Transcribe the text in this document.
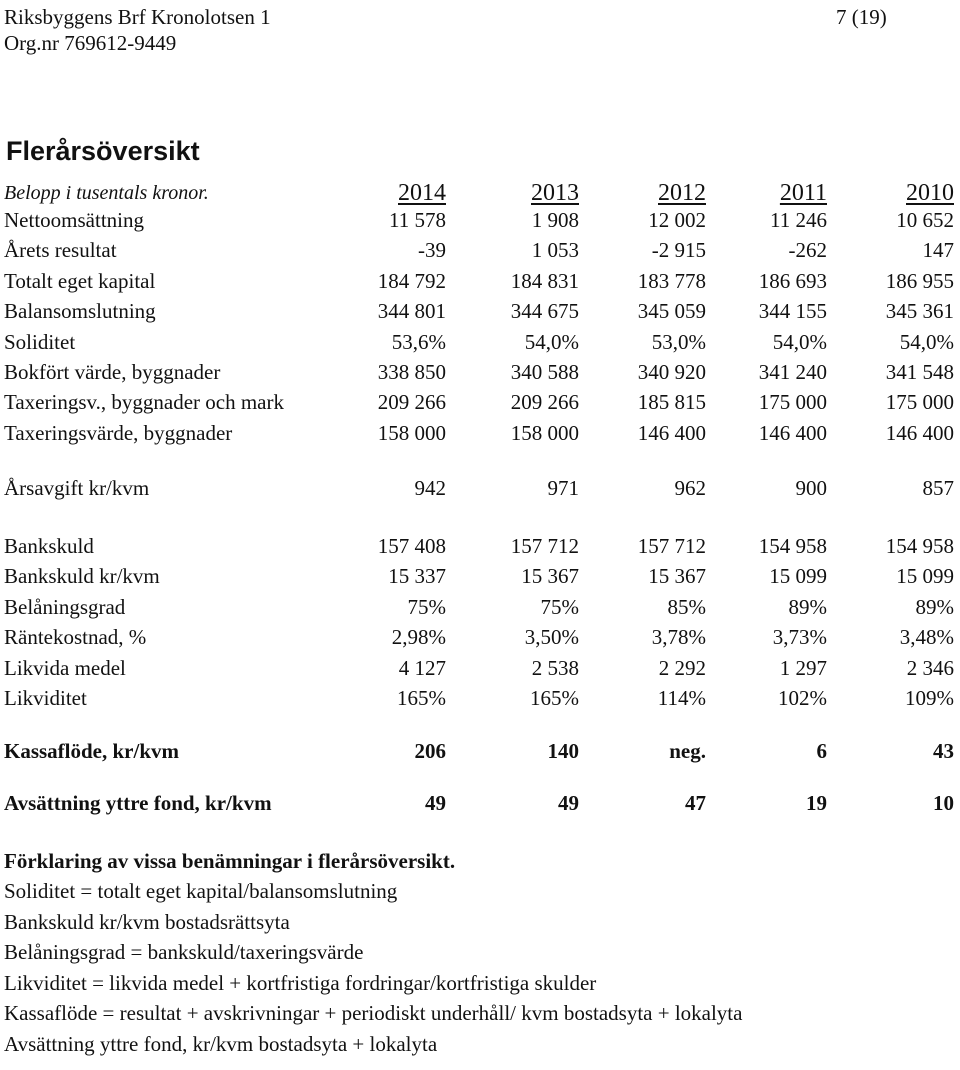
Riksbyggens Brf Kronolotsen 1
Org.nr 769612-9449
7 (19)
Flerårsöversikt
Belopp i tusentals kronor.	2014	2013	2012	2011	2010
Nettoomsättning	11 578	1 908	12 002	11 246	10 652
Årets resultat	-39	1 053	-2 915	-262	147
Totalt eget kapital	184 792	184 831	183 778	186 693	186 955
Balansomslutning	344 801	344 675	345 059	344 155	345 361
Soliditet	53,6%	54,0%	53,0%	54,0%	54,0%
Bokfört värde, byggnader	338 850	340 588	340 920	341 240	341 548
Taxeringsv., byggnader och mark	209 266	209 266	185 815	175 000	175 000
Taxeringsvärde, byggnader	158 000	158 000	146 400	146 400	146 400
Årsavgift kr/kvm	942	971	962	900	857
Bankskuld	157 408	157 712	157 712	154 958	154 958
Bankskuld kr/kvm	15 337	15 367	15 367	15 099	15 099
Belåningsgrad	75%	75%	85%	89%	89%
Räntekostnad, %	2,98%	3,50%	3,78%	3,73%	3,48%
Likvida medel	4 127	2 538	2 292	1 297	2 346
Likviditet	165%	165%	114%	102%	109%
Kassaflöde, kr/kvm	206	140	neg.	6	43
Avsättning yttre fond, kr/kvm	49	49	47	19	10
Förklaring av vissa benämningar i flerårsöversikt.
Soliditet = totalt eget kapital/balansomslutning
Bankskuld kr/kvm bostadsrättsyta
Belåningsgrad = bankskuld/taxeringsvärde
Likviditet = likvida medel + kortfristiga fordringar/kortfristiga skulder
Kassaflöde = resultat + avskrivningar + periodiskt underhåll/ kvm bostadsyta + lokalyta
Avsättning yttre fond, kr/kvm bostadsyta + lokalyta
